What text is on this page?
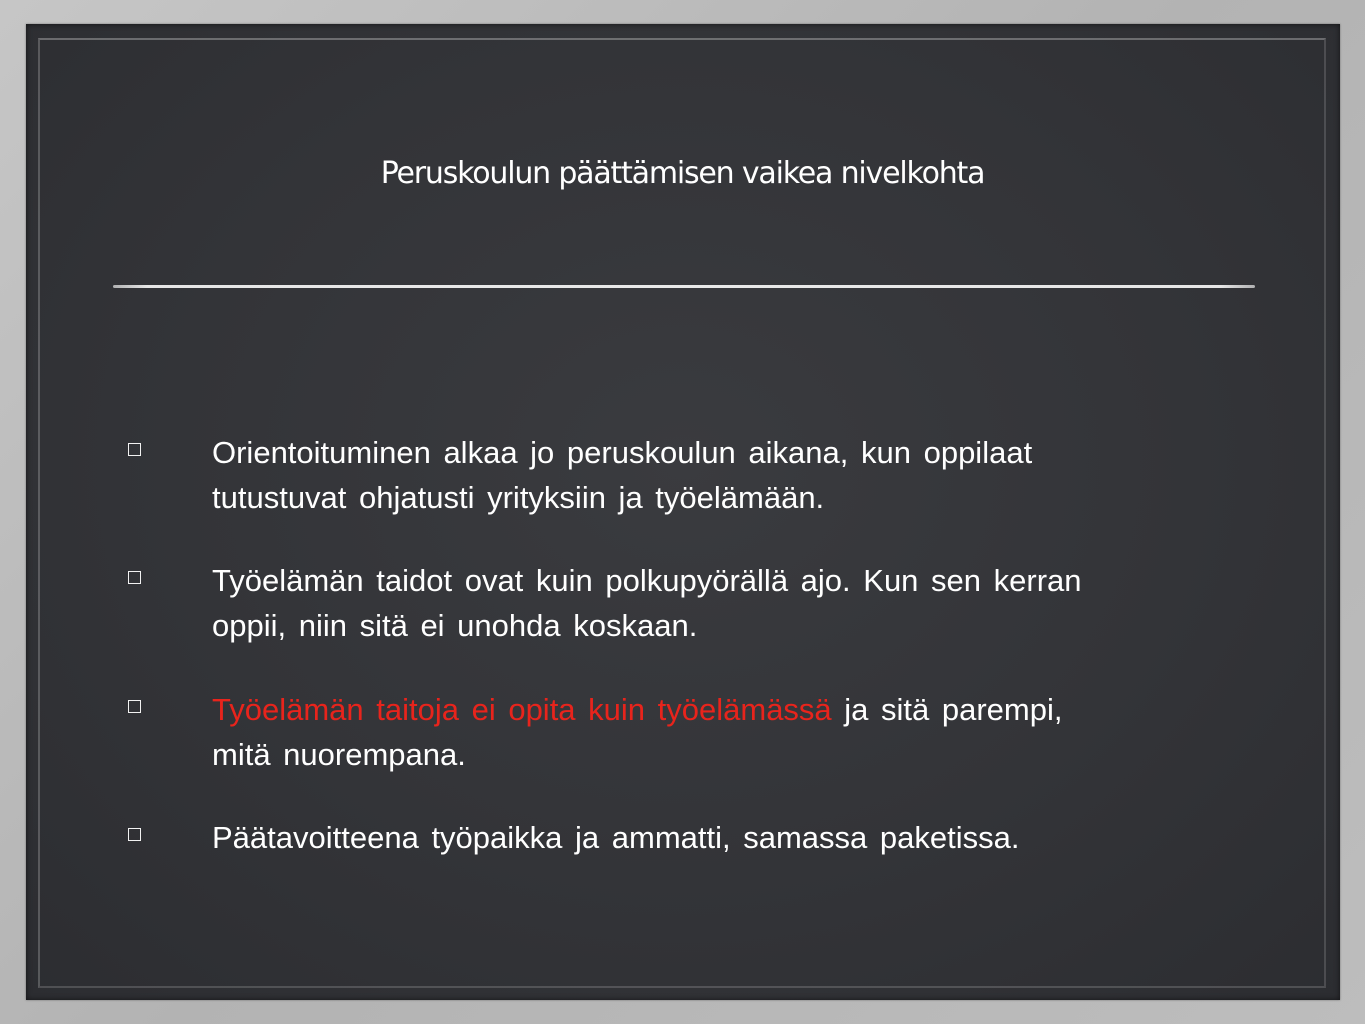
Peruskoulun päättämisen vaikea nivelkohta
Orientoituminen alkaa jo peruskoulun aikana, kun oppilaat
tutustuvat ohjatusti yrityksiin ja työelämään.
Työelämän taidot ovat kuin polkupyörällä ajo. Kun sen kerran
oppii, niin sitä ei unohda koskaan.
Työelämän taitoja ei opita kuin työelämässä ja sitä parempi,
mitä nuorempana.
Päätavoitteena työpaikka ja ammatti, samassa paketissa.
